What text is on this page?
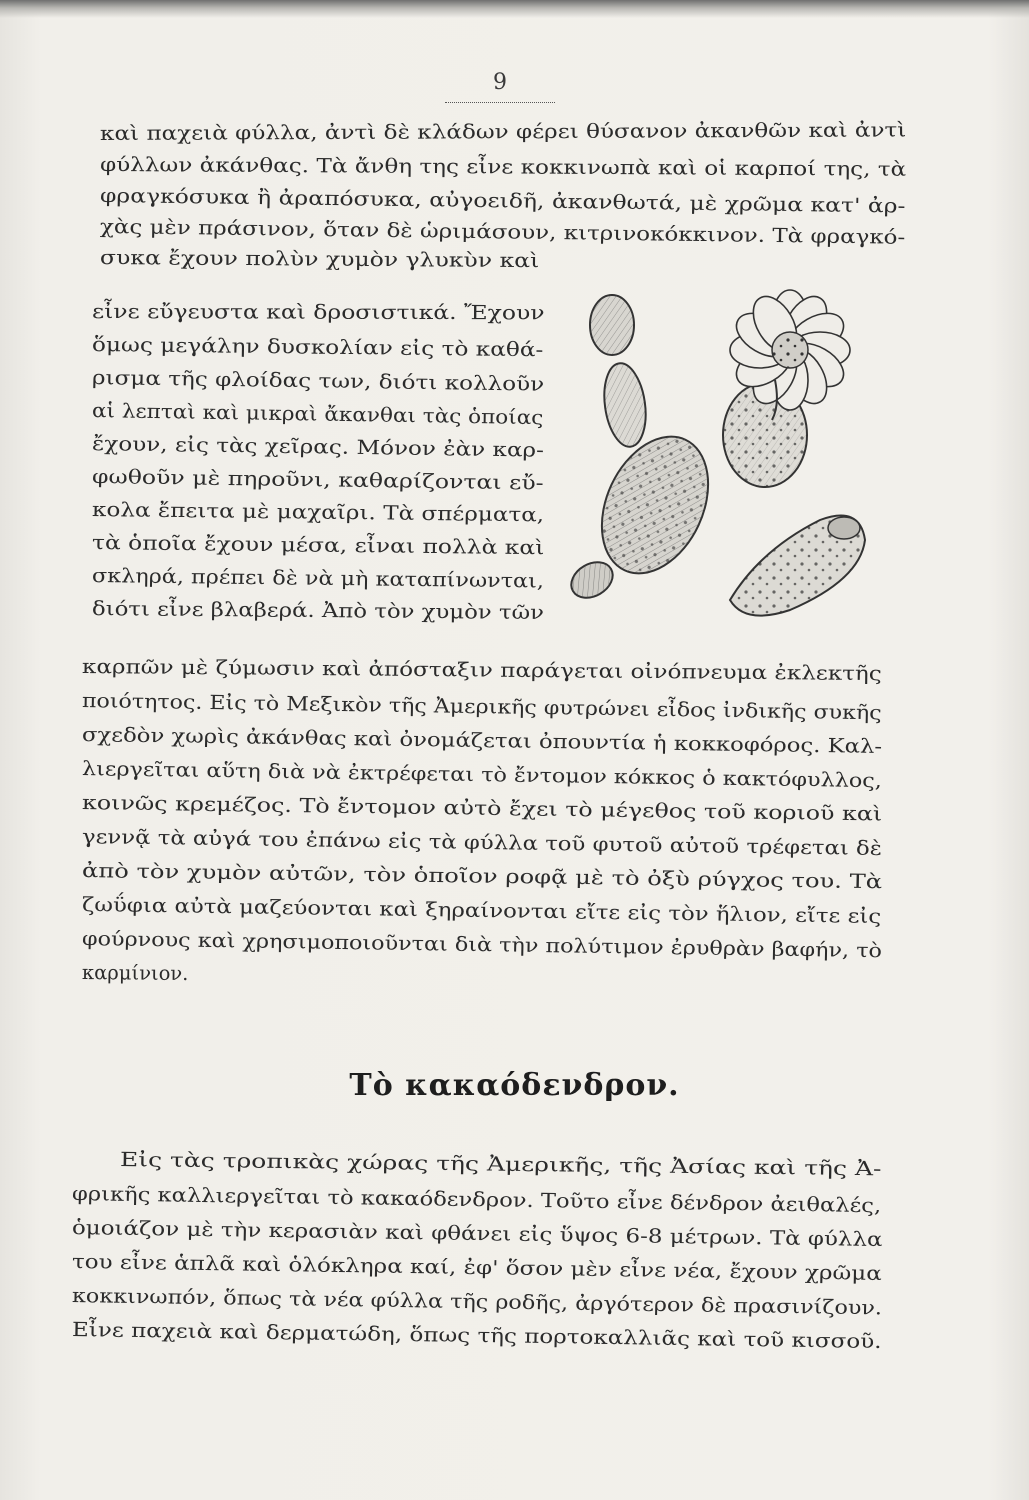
9
καὶ παχειὰ φύλλα, ἀντὶ δὲ κλάδων φέρει θύσανον ἀκανθῶν καὶ ἀντὶ
φύλλων ἀκάνθας. Τὰ ἄνθη της εἶνε κοκκινωπὰ καὶ οἱ καρποί της, τὰ
φραγκόσυκα ἢ ἀραπόσυκα, αὐγοειδῆ, ἀκανθωτά, μὲ χρῶμα κατ' ἀρ-
χὰς μὲν πράσινον, ὅταν δὲ ὡριμάσουν, κιτρινοκόκκινον. Τὰ φραγκό-
συκα ἔχουν πολὺν χυμὸν γλυκὺν καὶ
εἶνε εὔγευστα καὶ δροσιστικά. Ἔχουν
ὅμως μεγάλην δυσκολίαν εἰς τὸ καθά-
ρισμα τῆς φλοίδας των, διότι κολλοῦν
αἱ λεπταὶ καὶ μικραὶ ἄκανθαι τὰς ὁποίας
ἔχουν, εἰς τὰς χεῖρας. Μόνον ἐὰν καρ-
φωθοῦν μὲ πηροῦνι, καθαρίζονται εὔ-
κολα ἔπειτα μὲ μαχαῖρι. Τὰ σπέρματα,
τὰ ὁποῖα ἔχουν μέσα, εἶναι πολλὰ καὶ
σκληρά, πρέπει δὲ νὰ μὴ καταπίνωνται,
διότι εἶνε βλαβερά. Ἀπὸ τὸν χυμὸν τῶν
καρπῶν μὲ ζύμωσιν καὶ ἀπόσταξιν παράγεται οἰνόπνευμα ἐκλεκτῆς
ποιότητος. Εἰς τὸ Μεξικὸν τῆς Ἀμερικῆς φυτρώνει εἶδος ἰνδικῆς συκῆς
σχεδὸν χωρὶς ἀκάνθας καὶ ὀνομάζεται ὀπουντία ἡ κοκκοφόρος. Καλ-
λιεργεῖται αὕτη διὰ νὰ ἐκτρέφεται τὸ ἔντομον κόκκος ὁ κακτόφυλλος,
κοινῶς κρεμέζος. Τὸ ἔντομον αὐτὸ ἔχει τὸ μέγεθος τοῦ κοριοῦ καὶ
γεννᾷ τὰ αὐγά του ἐπάνω εἰς τὰ φύλλα τοῦ φυτοῦ αὐτοῦ τρέφεται δὲ
ἀπὸ τὸν χυμὸν αὐτῶν, τὸν ὁποῖον ροφᾷ μὲ τὸ ὀξὺ ρύγχος του. Τὰ
ζωΰφια αὐτὰ μαζεύονται καὶ ξηραίνονται εἴτε εἰς τὸν ἥλιον, εἴτε εἰς
φούρνους καὶ χρησιμοποιοῦνται διὰ τὴν πολύτιμον ἐρυθρὰν βαφήν, τὸ
καρμίνιον.
Τὸ κακαόδενδρον.
Εἰς τὰς τροπικὰς χώρας τῆς Ἀμερικῆς, τῆς Ἀσίας καὶ τῆς Ἀ-
φρικῆς καλλιεργεῖται τὸ κακαόδενδρον. Τοῦτο εἶνε δένδρον ἀειθαλές,
ὁμοιάζον μὲ τὴν κερασιὰν καὶ φθάνει εἰς ὕψος 6-8 μέτρων. Τὰ φύλλα
του εἶνε ἁπλᾶ καὶ ὁλόκληρα καί, ἐφ' ὅσον μὲν εἶνε νέα, ἔχουν χρῶμα
κοκκινωπόν, ὅπως τὰ νέα φύλλα τῆς ροδῆς, ἀργότερον δὲ πρασινίζουν.
Εἶνε παχειὰ καὶ δερματώδη, ὅπως τῆς πορτοκαλλιᾶς καὶ τοῦ κισσοῦ.
